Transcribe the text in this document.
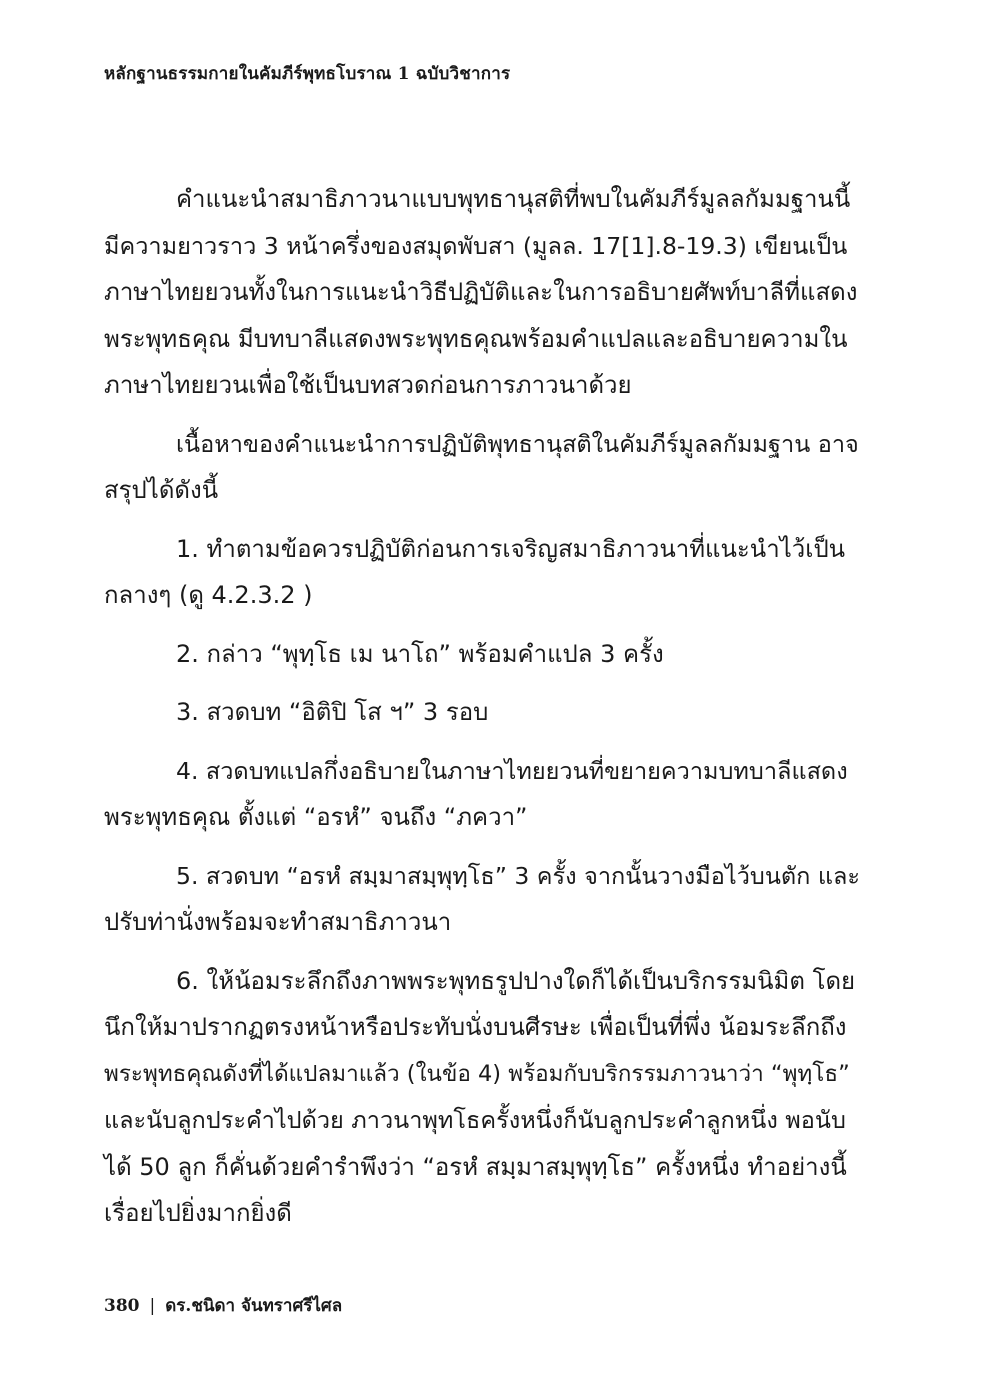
หลักฐานธรรมกายในคัมภีร์พุทธโบราณ 1 ฉบับวิชาการ

คำแนะนำสมาธิภาวนาแบบพุทธานุสติที่พบในคัมภีร์มูลลกัมมฐานนี้
มีความยาวราว 3 หน้าครึ่งของสมุดพับสา (มูลล. 17[1].8-19.3) เขียนเป็น
ภาษาไทยยวนทั้งในการแนะนำวิธีปฏิบัติและในการอธิบายศัพท์บาลีที่แสดง
พระพุทธคุณ มีบทบาลีแสดงพระพุทธคุณพร้อมคำแปลและอธิบายความใน
ภาษาไทยยวนเพื่อใช้เป็นบทสวดก่อนการภาวนาด้วย

เนื้อหาของคำแนะนำการปฏิบัติพุทธานุสติในคัมภีร์มูลลกัมมฐาน อาจ
สรุปได้ดังนี้

1. ทำตามข้อควรปฏิบัติก่อนการเจริญสมาธิภาวนาที่แนะนำไว้เป็น
กลางๆ (ดู 4.2.3.2 )

2. กล่าว “พุทฺโธ เม นาโถ” พร้อมคำแปล 3 ครั้ง

3. สวดบท “อิติปิ โส ฯ” 3 รอบ

4. สวดบทแปลกึ่งอธิบายในภาษาไทยยวนที่ขยายความบทบาลีแสดง
พระพุทธคุณ ตั้งแต่ “อรหํ” จนถึง “ภควา”

5. สวดบท “อรหํ สมฺมาสมฺพุทฺโธ” 3 ครั้ง จากนั้นวางมือไว้บนตัก และ
ปรับท่านั่งพร้อมจะทำสมาธิภาวนา

6. ให้น้อมระลึกถึงภาพพระพุทธรูปปางใดก็ได้เป็นบริกรรมนิมิต โดย
นึกให้มาปรากฏตรงหน้าหรือประทับนั่งบนศีรษะ เพื่อเป็นที่พึ่ง น้อมระลึกถึง
พระพุทธคุณดังที่ได้แปลมาแล้ว (ในข้อ 4) พร้อมกับบริกรรมภาวนาว่า “พุทฺโธ”
และนับลูกประคำไปด้วย ภาวนาพุทโธครั้งหนึ่งก็นับลูกประคำลูกหนึ่ง พอนับ
ได้ 50 ลูก ก็คั่นด้วยคำรำพึงว่า “อรหํ สมฺมาสมฺพุทฺโธ” ครั้งหนึ่ง ทำอย่างนี้
เรื่อยไปยิ่งมากยิ่งดี

380 | ดร.ชนิดา จันทราศรีไศล
